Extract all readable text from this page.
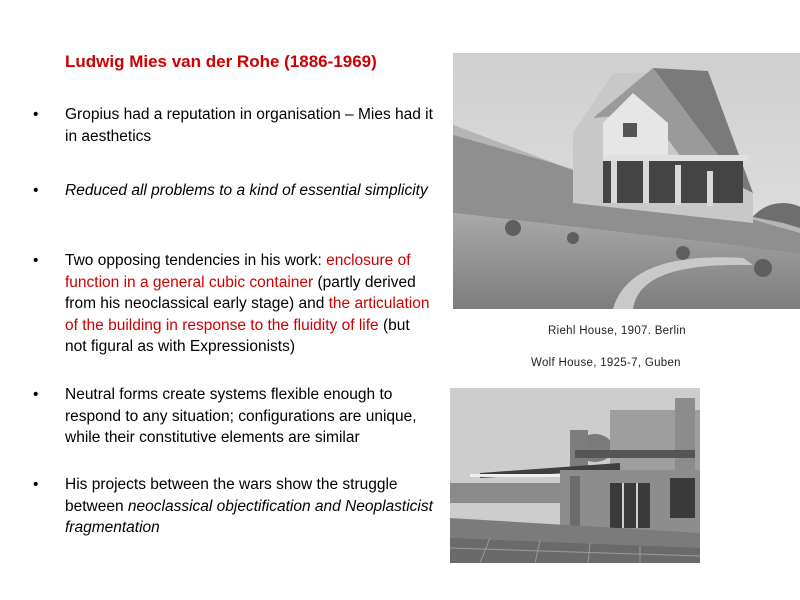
Ludwig Mies van der Rohe (1886-1969)
•	Gropius had a reputation in organisation – Mies had it in aesthetics
•	Reduced all problems to a kind of essential simplicity
•	Two opposing tendencies in his work: enclosure of function in a general cubic container (partly derived from his neoclassical early stage) and the articulation of the building in response to the fluidity of life (but not figural as with Expressionists)
•	Neutral forms create systems flexible enough to respond to any situation; configurations are unique, while their constitutive elements are similar
•	His projects between the wars show the struggle between neoclassical objectification and Neoplasticist fragmentation
Riehl House, 1907. Berlin
Wolf House, 1925-7, Guben
